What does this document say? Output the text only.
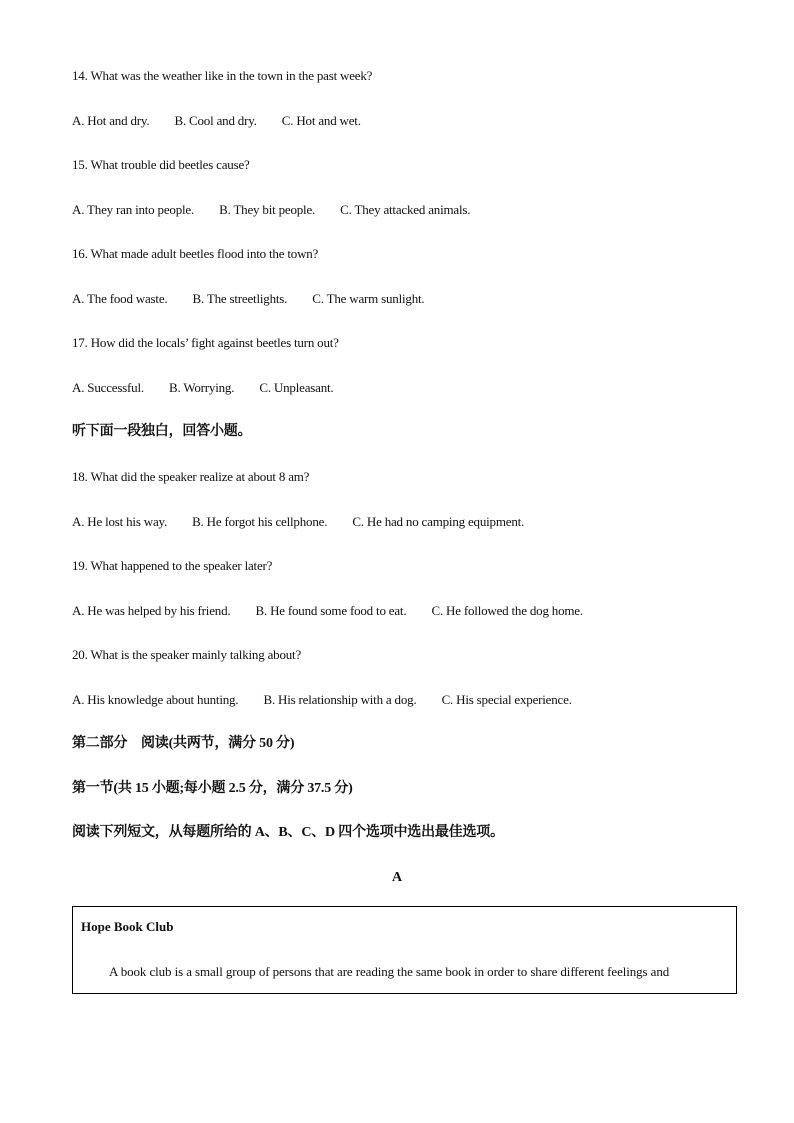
14. What was the weather like in the town in the past week?
A. Hot and dry. B. Cool and dry. C. Hot and wet.
15. What trouble did beetles cause?
A. They ran into people. B. They bit people. C. They attacked animals.
16. What made adult beetles flood into the town?
A. The food waste. B. The streetlights. C. The warm sunlight.
17. How did the locals’ fight against beetles turn out?
A. Successful. B. Worrying. C. Unpleasant.
听下面一段独白，回答小题。
18. What did the speaker realize at about 8 am?
A. He lost his way. B. He forgot his cellphone. C. He had no camping equipment.
19. What happened to the speaker later?
A. He was helped by his friend. B. He found some food to eat. C. He followed the dog home.
20. What is the speaker mainly talking about?
A. His knowledge about hunting. B. His relationship with a dog. C. His special experience.
第二部分　阅读(共两节，满分 50 分)
第一节(共 15 小题;每小题 2.5 分，满分 37.5 分)
阅读下列短文，从每题所给的 A、B、C、D 四个选项中选出最佳选项。
A
Hope Book Club
A book club is a small group of persons that are reading the same book in order to share different feelings and
